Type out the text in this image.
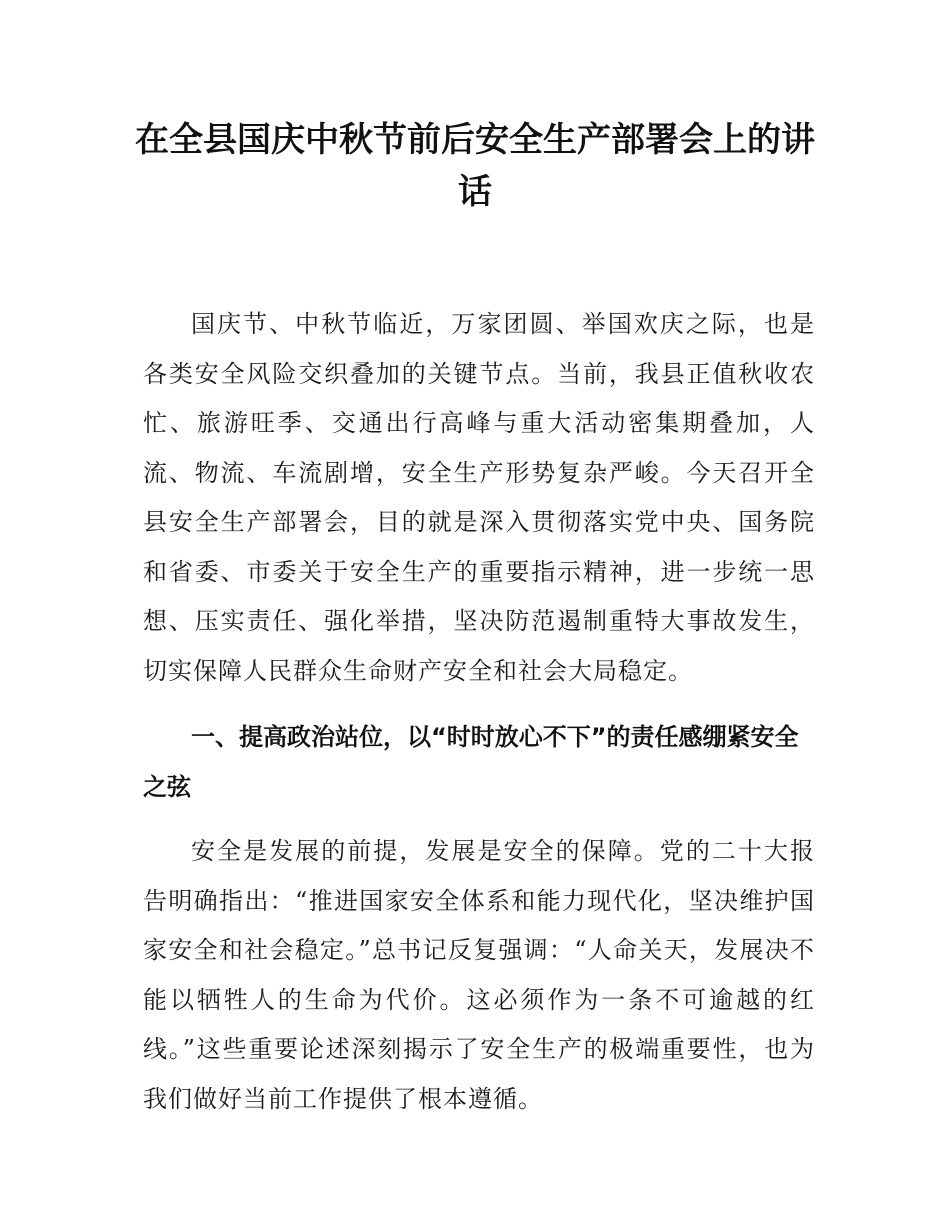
在全县国庆中秋节前后安全生产部署会上的讲话

国庆节、中秋节临近，万家团圆、举国欢庆之际，也是各类安全风险交织叠加的关键节点。当前，我县正值秋收农忙、旅游旺季、交通出行高峰与重大活动密集期叠加，人流、物流、车流剧增，安全生产形势复杂严峻。今天召开全县安全生产部署会，目的就是深入贯彻落实党中央、国务院和省委、市委关于安全生产的重要指示精神，进一步统一思想、压实责任、强化举措，坚决防范遏制重特大事故发生，切实保障人民群众生命财产安全和社会大局稳定。

一、提高政治站位，以“时时放心不下”的责任感绷紧安全之弦

安全是发展的前提，发展是安全的保障。党的二十大报告明确指出：“推进国家安全体系和能力现代化，坚决维护国家安全和社会稳定。”总书记反复强调：“人命关天，发展决不能以牺牲人的生命为代价。这必须作为一条不可逾越的红线。”这些重要论述深刻揭示了安全生产的极端重要性，也为我们做好当前工作提供了根本遵循。
